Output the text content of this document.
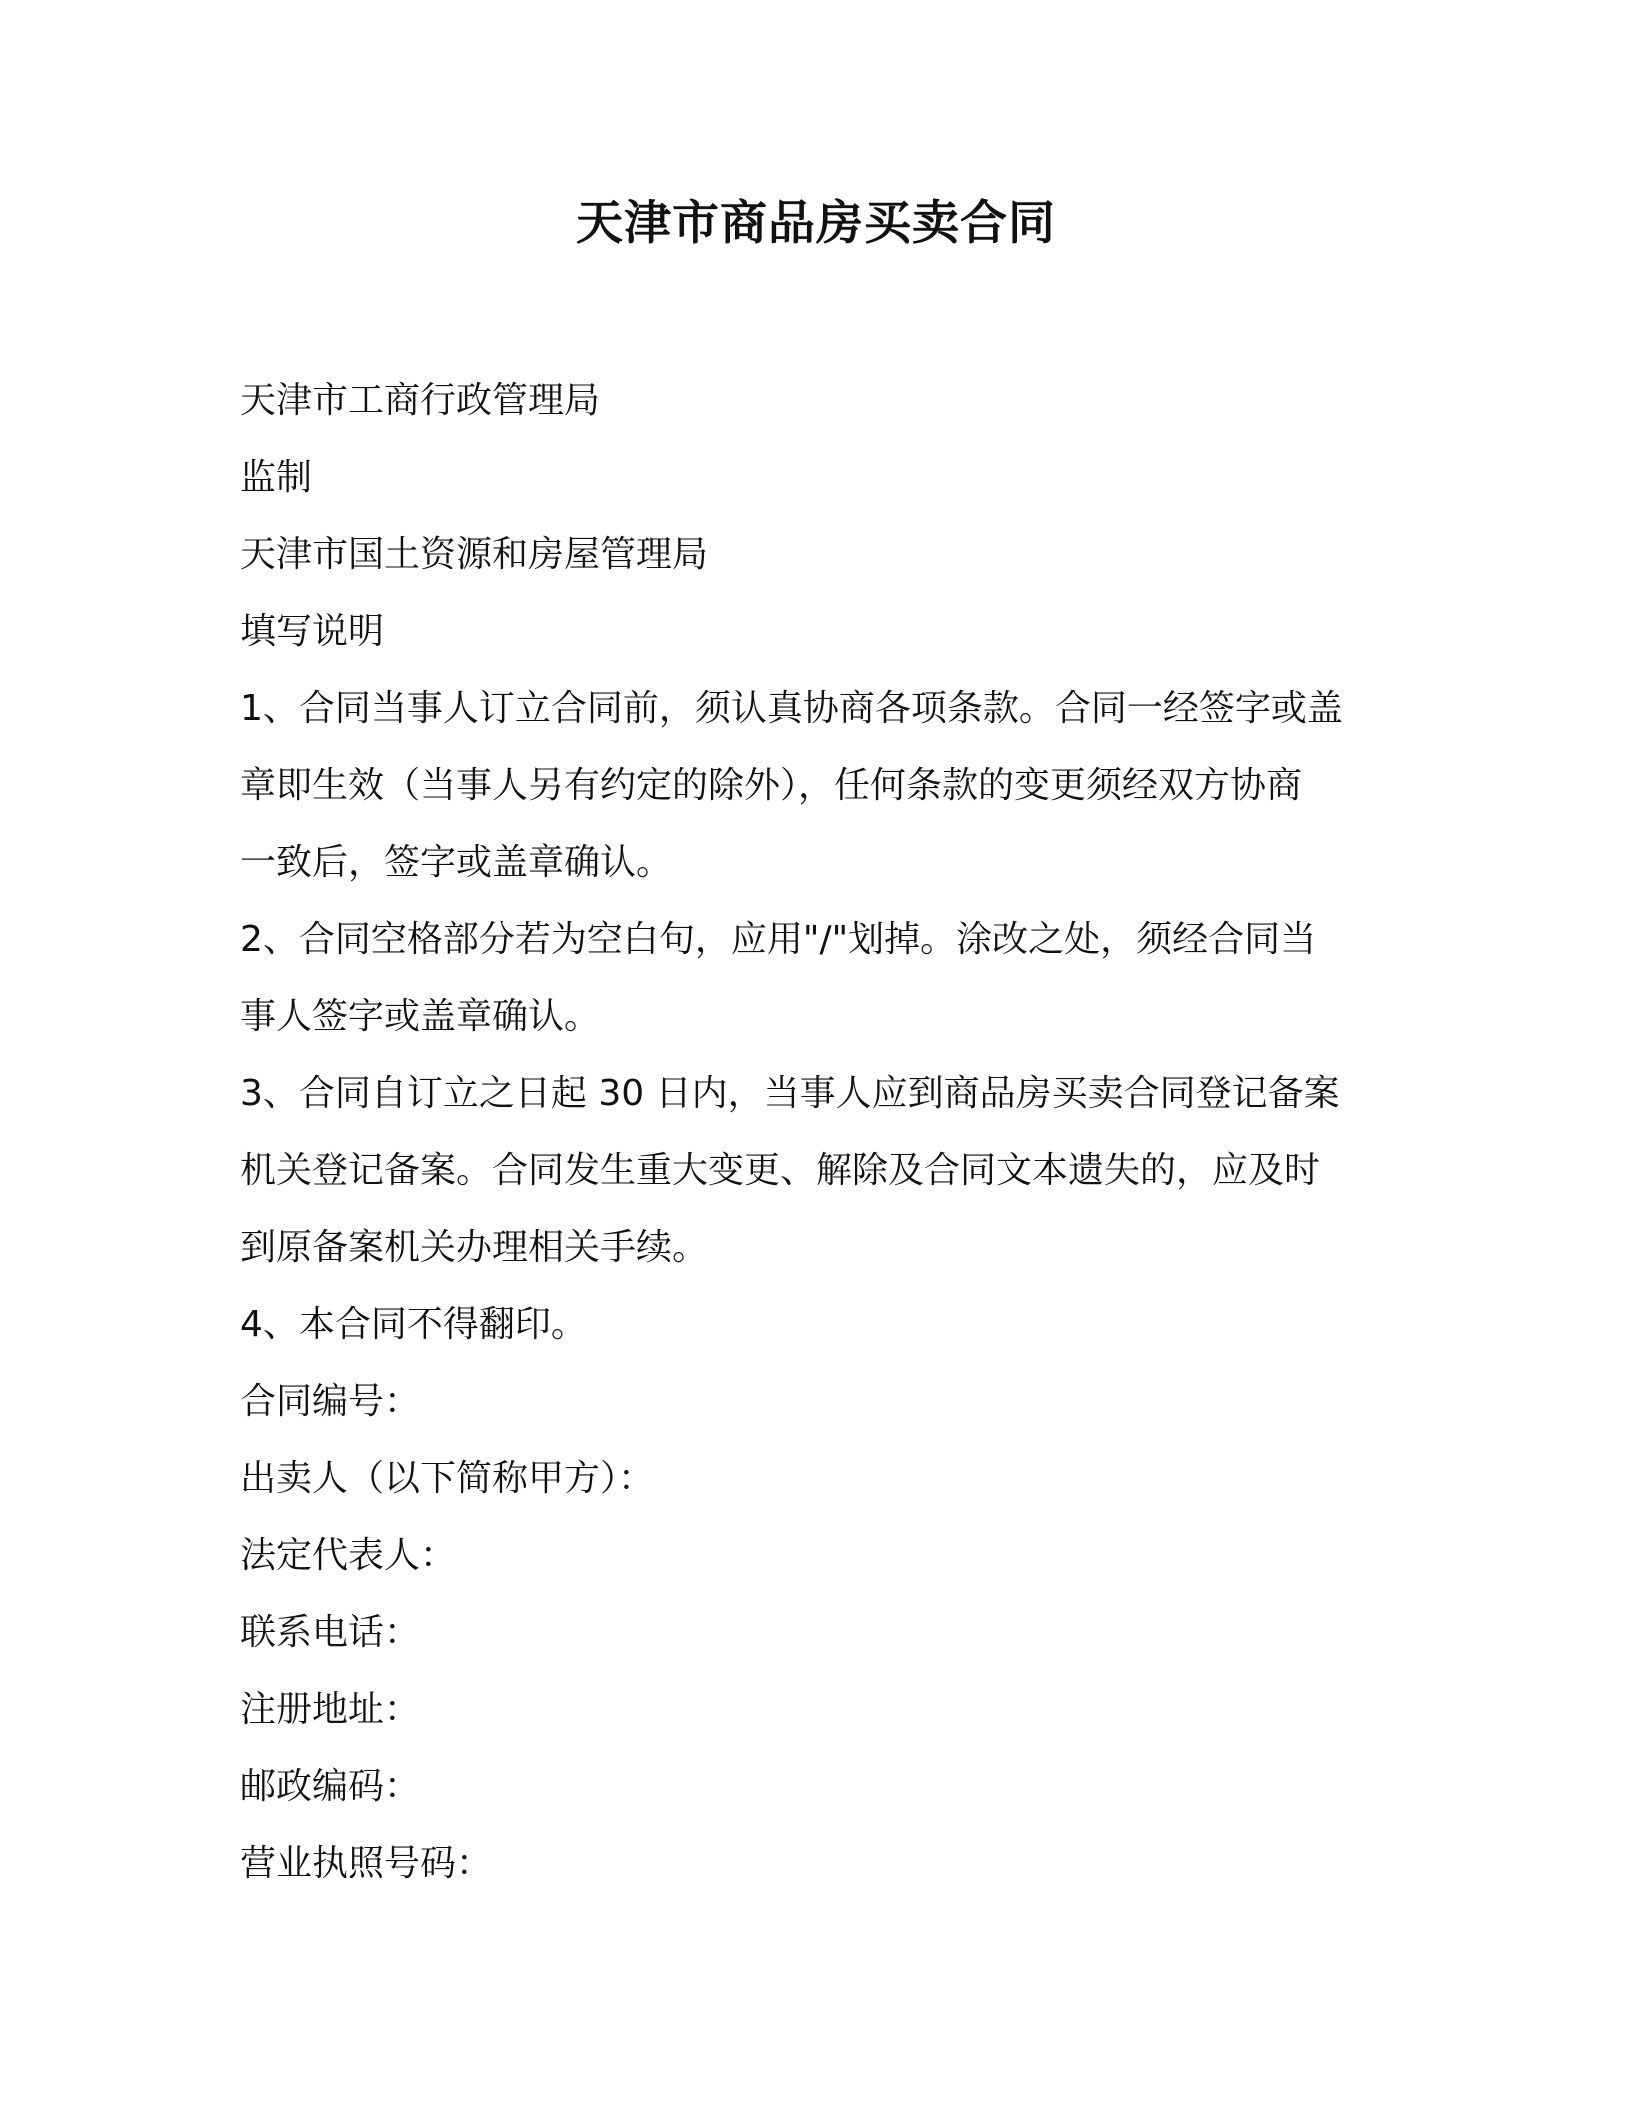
天津市商品房买卖合同
天津市工商行政管理局
监制
天津市国土资源和房屋管理局
填写说明
1、合同当事人订立合同前，须认真协商各项条款。合同一经签字或盖
章即生效（当事人另有约定的除外），任何条款的变更须经双方协商
一致后，签字或盖章确认。
2、合同空格部分若为空白句，应用"/"划掉。涂改之处，须经合同当
事人签字或盖章确认。
3、合同自订立之日起 30 日内，当事人应到商品房买卖合同登记备案
机关登记备案。合同发生重大变更、解除及合同文本遗失的，应及时
到原备案机关办理相关手续。
4、本合同不得翻印。
合同编号：
出卖人（以下简称甲方）：
法定代表人：
联系电话：
注册地址：
邮政编码：
营业执照号码：
